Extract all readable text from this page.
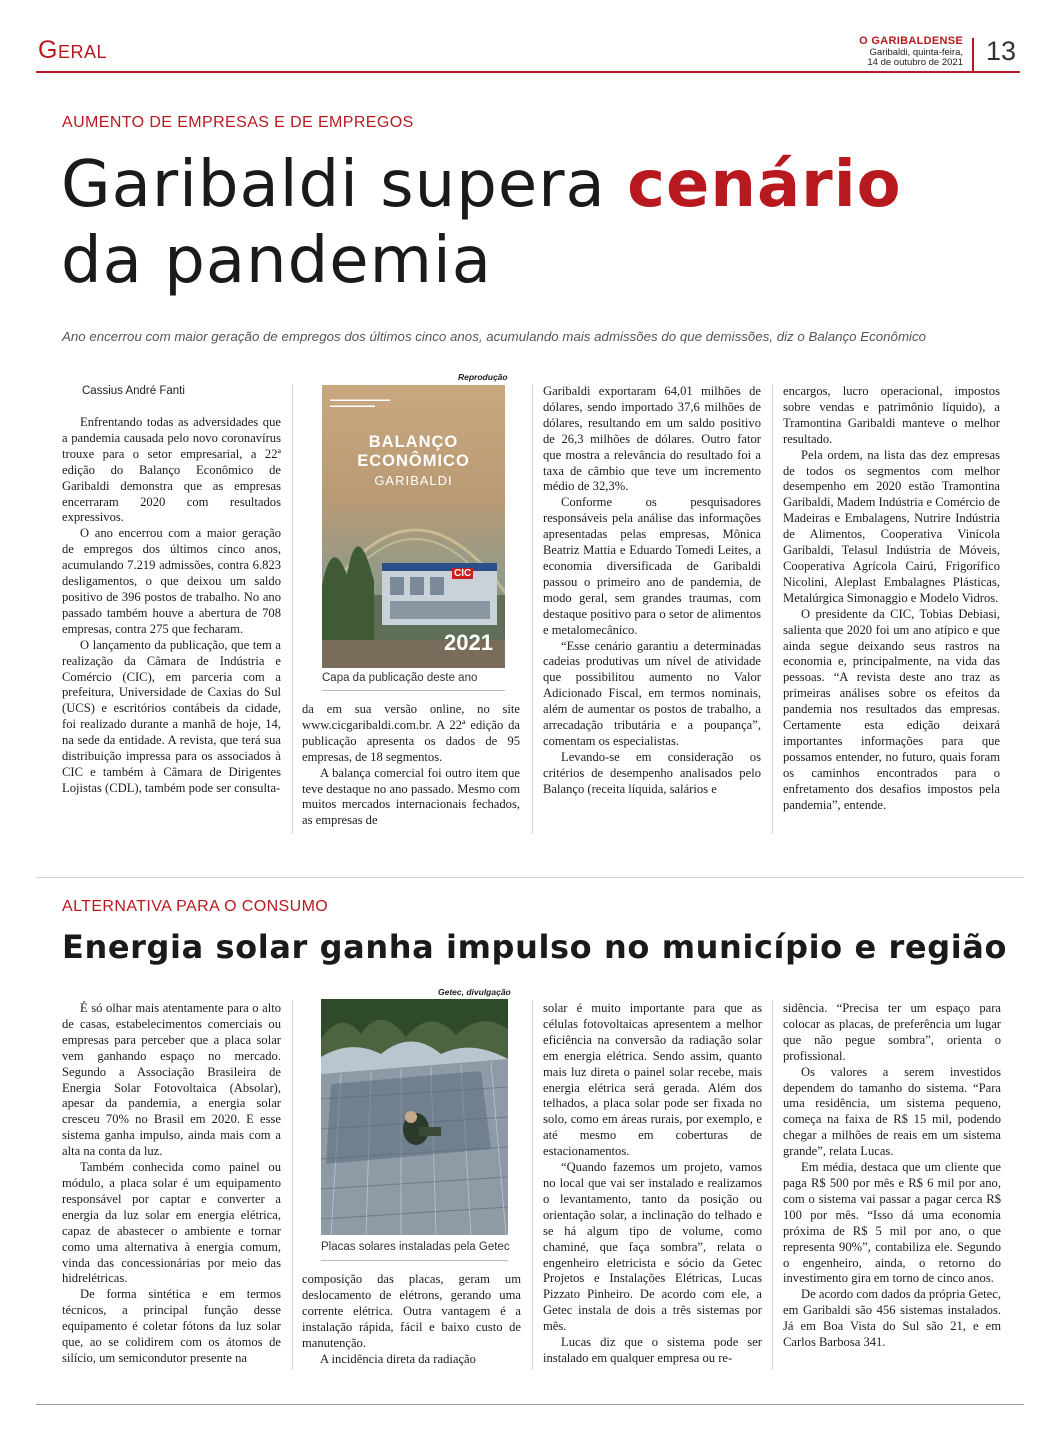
Geral	O GARIBALDENSE
Garibaldi, quinta-feira,
14 de outubro de 2021 13
AUMENTO DE EMPRESAS E DE EMPREGOS
Garibaldi supera cenário
da pandemia
Ano encerrou com maior geração de empregos dos últimos cinco anos, acumulando mais admissões do que demissões, diz o Balanço Econômico
Cassius André Fanti

Enfrentando todas as adversidades que a pandemia causada pelo novo coronavírus trouxe para o setor empresarial, a 22ª edição do Balanço Econômico de Garibaldi demonstra que as empresas encerraram 2020 com resultados expressivos.

O ano encerrou com a maior geração de empregos dos últimos cinco anos, acumulando 7.219 admissões, contra 6.823 desligamentos, o que deixou um saldo positivo de 396 postos de trabalho. No ano passado também houve a abertura de 708 empresas, contra 275 que fecharam.

O lançamento da publicação, que tem a realização da Câmara de Indústria e Comércio (CIC), em parceria com a prefeitura, Universidade de Caxias do Sul (UCS) e escritórios contábeis da cidade, foi realizado durante a manhã de hoje, 14, na sede da entidade. A revista, que terá sua distribuição impressa para os associados à CIC e também à Câmara de Dirigentes Lojistas (CDL), também pode ser consulta-

Reprodução
▬▬▬▬▬▬▬▬▬▬▬▬
▬▬▬▬▬▬▬▬▬
BALANÇO
ECONÔMICO
GARIBALDI
CIC
2021
Capa da publicação deste ano

da em sua versão online, no site www.cicgaribaldi.com.br. A 22ª edição da publicação apresenta os dados de 95 empresas, de 18 segmentos.

A balança comercial foi outro item que teve destaque no ano passado. Mesmo com muitos mercados internacionais fechados, as empresas de

Garibaldi exportaram 64,01 milhões de dólares, sendo importado 37,6 milhões de dólares, resultando em um saldo positivo de 26,3 milhões de dólares. Outro fator que mostra a relevância do resultado foi a taxa de câmbio que teve um incremento médio de 32,3%.

Conforme os pesquisadores responsáveis pela análise das informações apresentadas pelas empresas, Mônica Beatriz Mattia e Eduardo Tomedi Leites, a economia diversificada de Garibaldi passou o primeiro ano de pandemia, de modo geral, sem grandes traumas, com destaque positivo para o setor de alimentos e metalomecânico.

“Esse cenário garantiu a determinadas cadeias produtivas um nível de atividade que possibilitou aumento no Valor Adicionado Fiscal, em termos nominais, além de aumentar os postos de trabalho, a arrecadação tributária e a poupança”, comentam os especialistas.

Levando-se em consideração os critérios de desempenho analisados pelo Balanço (receita líquida, salários e

encargos, lucro operacional, impostos sobre vendas e patrimônio líquido), a Tramontina Garibaldi manteve o melhor resultado.

Pela ordem, na lista das dez empresas de todos os segmentos com melhor desempenho em 2020 estão Tramontina Garibaldi, Madem Indústria e Comércio de Madeiras e Embalagens, Nutrire Indústria de Alimentos, Cooperativa Vinícola Garibaldi, Telasul Indústria de Móveis, Cooperativa Agrícola Cairú, Frigorífico Nicolini, Aleplast Embalagnes Plásticas, Metalúrgica Simonaggio e Modelo Vidros.

O presidente da CIC, Tobias Debiasi, salienta que 2020 foi um ano atípico e que ainda segue deixando seus rastros na economia e, principalmente, na vida das pessoas. “A revista deste ano traz as primeiras análises sobre os efeitos da pandemia nos resultados das empresas. Certamente esta edição deixará importantes informações para que possamos entender, no futuro, quais foram os caminhos encontrados para o enfretamento dos desafios impostos pela pandemia”, entende.

ALTERNATIVA PARA O CONSUMO
Energia solar ganha impulso no município e região

É só olhar mais atentamente para o alto de casas, estabelecimentos comerciais ou empresas para perceber que a placa solar vem ganhando espaço no mercado. Segundo a Associação Brasileira de Energia Solar Fotovoltaica (Absolar), apesar da pandemia, a energia solar cresceu 70% no Brasil em 2020. E esse sistema ganha impulso, ainda mais com a alta na conta da luz.

Também conhecida como painel ou módulo, a placa solar é um equipamento responsável por captar e converter a energia da luz solar em energia elétrica, capaz de abastecer o ambiente e tornar como uma alternativa à energia comum, vinda das concessionárias por meio das hidrelétricas.

De forma sintética e em termos técnicos, a principal função desse equipamento é coletar fótons da luz solar que, ao se colidirem com os átomos de silício, um semicondutor presente na

Getec, divulgação
Placas solares instaladas pela Getec

composição das placas, geram um deslocamento de elétrons, gerando uma corrente elétrica. Outra vantagem é a instalação rápida, fácil e baixo custo de manutenção.

A incidência direta da radiação

solar é muito importante para que as células fotovoltaicas apresentem a melhor eficiência na conversão da radiação solar em energia elétrica. Sendo assim, quanto mais luz direta o painel solar recebe, mais energia elétrica será gerada. Além dos telhados, a placa solar pode ser fixada no solo, como em áreas rurais, por exemplo, e até mesmo em coberturas de estacionamentos.

“Quando fazemos um projeto, vamos no local que vai ser instalado e realizamos o levantamento, tanto da posição ou orientação solar, a inclinação do telhado e se há algum tipo de volume, como chaminé, que faça sombra”, relata o engenheiro eletricista e sócio da Getec Projetos e Instalações Elétricas, Lucas Pizzato Pinheiro. De acordo com ele, a Getec instala de dois a três sistemas por mês.

Lucas diz que o sistema pode ser instalado em qualquer empresa ou re-

sidência. “Precisa ter um espaço para colocar as placas, de preferência um lugar que não pegue sombra”, orienta o profissional.

Os valores a serem investidos dependem do tamanho do sistema. “Para uma residência, um sistema pequeno, começa na faixa de R$ 15 mil, podendo chegar a milhões de reais em um sistema grande”, relata Lucas.

Em média, destaca que um cliente que paga R$ 500 por mês e R$ 6 mil por ano, com o sistema vai passar a pagar cerca R$ 100 por mês. “Isso dá uma economia próxima de R$ 5 mil por ano, o que representa 90%”, contabiliza ele. Segundo o engenheiro, ainda, o retorno do investimento gira em torno de cinco anos.

De acordo com dados da própria Getec, em Garibaldi são 456 sistemas instalados. Já em Boa Vista do Sul são 21, e em Carlos Barbosa 341.
